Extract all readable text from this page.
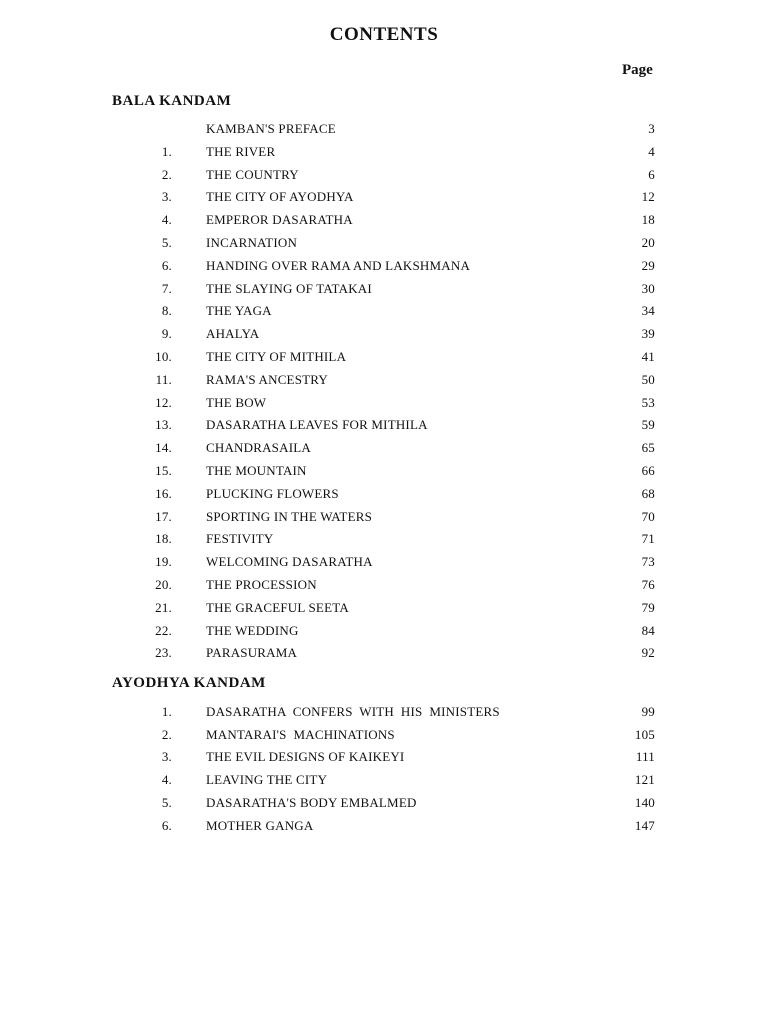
CONTENTS
Page
BALA KANDAM
KAMBAN'S PREFACE	3
1.	THE RIVER	4
2.	THE COUNTRY	6
3.	THE CITY OF AYODHYA	12
4.	EMPEROR DASARATHA	18
5.	INCARNATION	20
6.	HANDING OVER RAMA AND LAKSHMANA	29
7.	THE SLAYING OF TATAKAI	30
8.	THE YAGA	34
9.	AHALYA	39
10.	THE CITY OF MITHILA	41
11.	RAMA'S ANCESTRY	50
12.	THE BOW	53
13.	DASARATHA LEAVES FOR MITHILA	59
14.	CHANDRASAILA	65
15.	THE MOUNTAIN	66
16.	PLUCKING FLOWERS	68
17.	SPORTING IN THE WATERS	70
18.	FESTIVITY	71
19.	WELCOMING DASARATHA	73
20.	THE PROCESSION	76
21.	THE GRACEFUL SEETA	79
22.	THE WEDDING	84
23.	PARASURAMA	92
AYODHYA KANDAM
1.	DASARATHA  CONFERS  WITH  HIS  MINISTERS	99
2.	MANTARAI'S  MACHINATIONS	105
3.	THE EVIL DESIGNS OF KAIKEYI	111
4.	LEAVING THE CITY	121
5.	DASARATHA'S BODY EMBALMED	140
6.	MOTHER GANGA	147
